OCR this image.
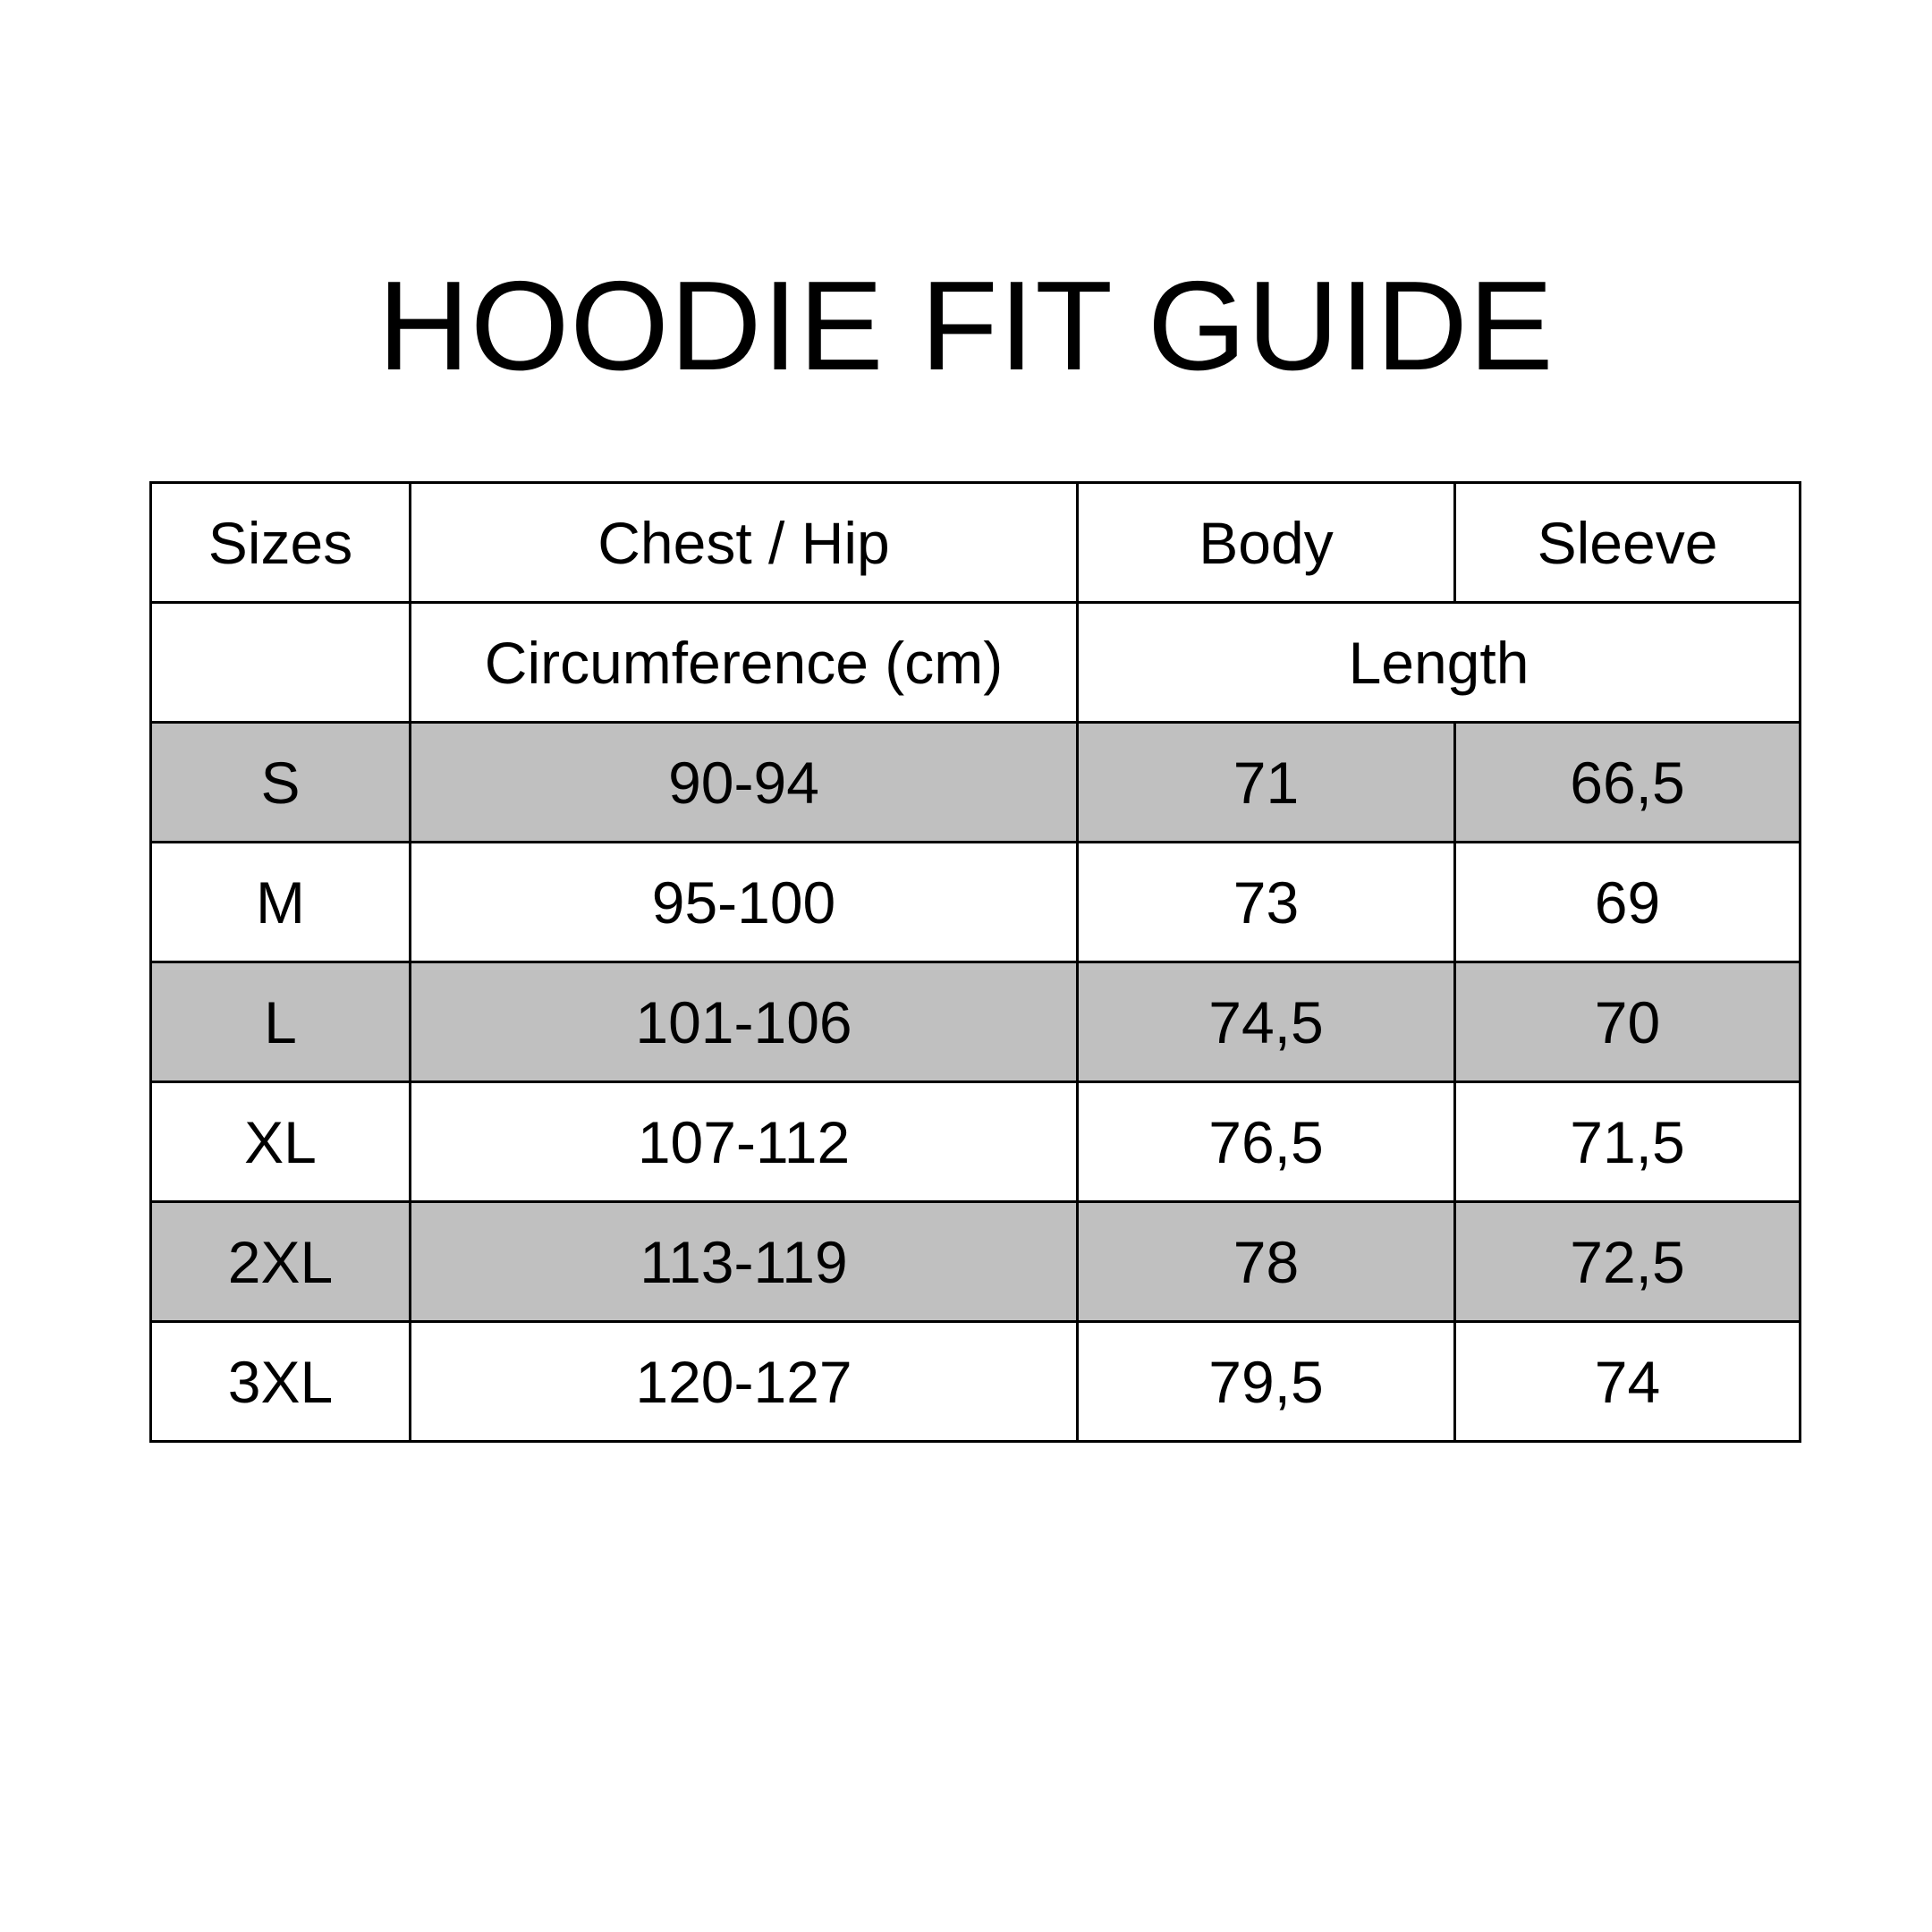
HOODIE FIT GUIDE
Sizes	Chest / Hip	Body	Sleeve
	Circumference (cm)	Length	
S	90-94	71	66,5
M	95-100	73	69
L	101-106	74,5	70
XL	107-112	76,5	71,5
2XL	113-119	78	72,5
3XL	120-127	79,5	74
